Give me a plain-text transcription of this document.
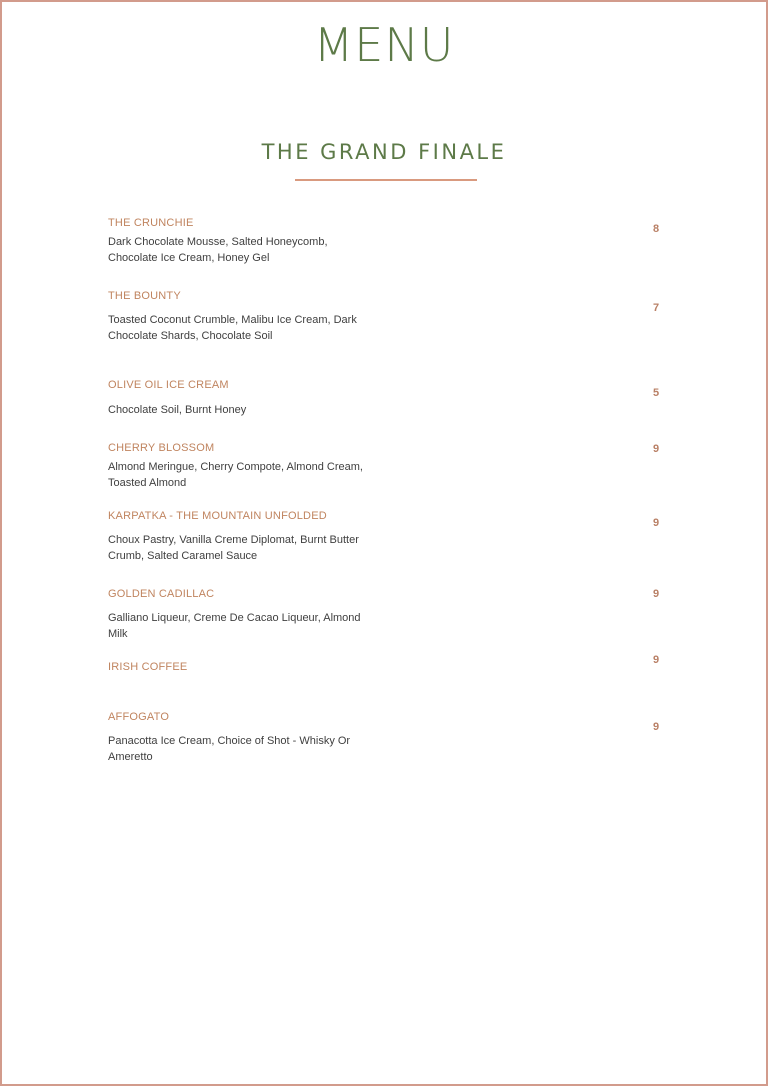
MENU
THE GRAND FINALE
THE CRUNCHIE
Dark Chocolate Mousse, Salted Honeycomb, Chocolate Ice Cream, Honey Gel
8
THE BOUNTY
Toasted Coconut Crumble, Malibu Ice Cream, Dark Chocolate Shards, Chocolate Soil
7
OLIVE OIL ICE CREAM
Chocolate Soil, Burnt Honey
5
CHERRY BLOSSOM
Almond Meringue, Cherry Compote, Almond Cream, Toasted Almond
9
KARPATKA - THE MOUNTAIN UNFOLDED
Choux Pastry, Vanilla Creme Diplomat, Burnt Butter Crumb, Salted Caramel Sauce
9
GOLDEN CADILLAC
Galliano Liqueur, Creme De Cacao Liqueur, Almond Milk
9
IRISH COFFEE
9
AFFOGATO
Panacotta Ice Cream, Choice of Shot - Whisky Or Ameretto
9
